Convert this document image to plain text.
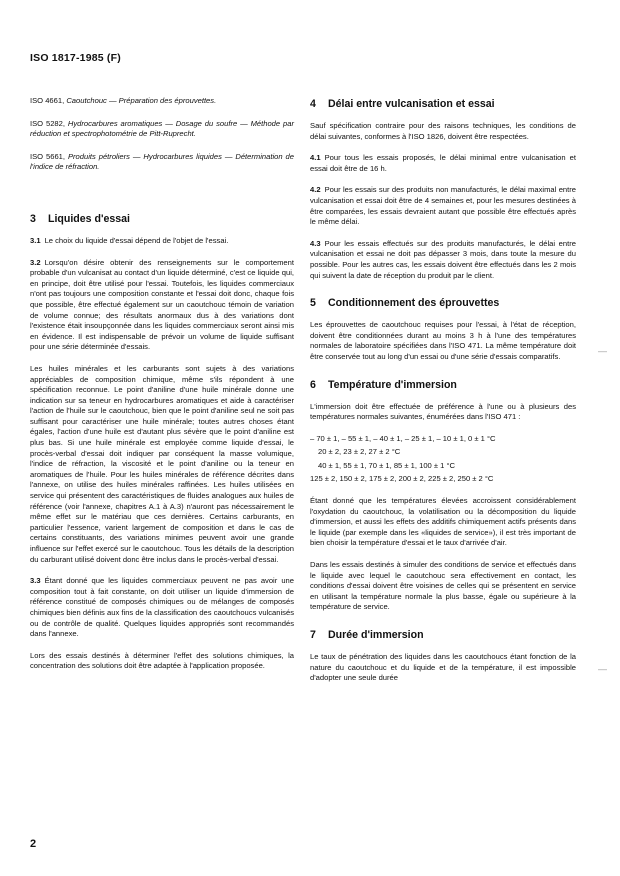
ISO 1817-1985 (F)
ISO 4661, Caoutchouc — Préparation des éprouvettes.
ISO 5282, Hydrocarbures aromatiques — Dosage du soufre — Méthode par réduction et spectrophotométrie de Pitt-Ruprecht.
ISO 5661, Produits pétroliers — Hydrocarbures liquides — Détermination de l'indice de réfraction.
3 Liquides d'essai

3.1 Le choix du liquide d'essai dépend de l'objet de l'essai.

3.2 Lorsqu'on désire obtenir des renseignements sur le comportement probable d'un vulcanisat au contact d'un liquide déterminé, c'est ce liquide qui, en principe, doit être utilisé pour l'essai. Toutefois, les liquides commerciaux n'ont pas toujours une composition constante et l'essai doit donc, chaque fois que possible, être effectué également sur un caoutchouc témoin de variation de volume connue; des résultats anormaux dus à des variations dont l'existence était insoupçonnée dans les liquides commerciaux seront ainsi mis en évidence. Il est indispensable de prévoir un volume de liquide suffisant pour une série déterminée d'essais.

Les huiles minérales et les carburants sont sujets à des variations appréciables de composition chimique, même s'ils répondent à une spécification reconnue. Le point d'aniline d'une huile minérale donne une indication sur sa teneur en hydrocarbures aromatiques et aide à caractériser l'action de l'huile sur le caoutchouc, bien que le point d'aniline seul ne soit pas suffisant pour caractériser une huile minérale; toutes autres choses étant égales, l'action d'une huile est d'autant plus sévère que le point d'aniline est plus bas. Si une huile minérale est employée comme liquide d'essai, le procès-verbal d'essai doit indiquer par conséquent la masse volumique, l'indice de réfraction, la viscosité et le point d'aniline ou la teneur en aromatiques de l'huile. Pour les huiles minérales de référence décrites dans l'annexe, on utilise des huiles minérales raffinées. Les huiles utilisées en service qui présentent des caractéristiques de fluides analogues aux huiles de référence (voir l'annexe, chapitres A.1 à A.3) n'auront pas nécessairement le même effet sur le matériau que ces dernières. Certains carburants, en particulier l'essence, varient largement de composition et dans le cas de certains constituants, des variations minimes peuvent avoir une grande influence sur l'effet exercé sur le caoutchouc. Tous les détails de la description du carburant utilisé doivent donc être inclus dans le procès-verbal d'essai.

3.3 Étant donné que les liquides commerciaux peuvent ne pas avoir une composition tout à fait constante, on doit utiliser un liquide d'immersion de référence constitué de composés chimiques ou de mélanges de composés chimiques bien définis aux fins de la classification des caoutchoucs vulcanisés ou de contrôle de qualité. Quelques liquides appropriés sont recommandés dans l'annexe.

Lors des essais destinés à déterminer l'effet des solutions chimiques, la concentration des solutions doit être adaptée à l'application proposée.

4 Délai entre vulcanisation et essai

Sauf spécification contraire pour des raisons techniques, les conditions de délai suivantes, conformes à l'ISO 1826, doivent être respectées.

4.1 Pour tous les essais proposés, le délai minimal entre vulcanisation et essai doit être de 16 h.

4.2 Pour les essais sur des produits non manufacturés, le délai maximal entre vulcanisation et essai doit être de 4 semaines et, pour les mesures destinées à être comparées, les essais devraient autant que possible être effectués après le même délai.

4.3 Pour les essais effectués sur des produits manufacturés, le délai entre vulcanisation et essai ne doit pas dépasser 3 mois, dans toute la mesure du possible. Pour les autres cas, les essais doivent être effectués dans les 2 mois qui suivent la date de réception du produit par le client.

5 Conditionnement des éprouvettes

Les éprouvettes de caoutchouc requises pour l'essai, à l'état de réception, doivent être conditionnées durant au moins 3 h à l'une des températures normales de laboratoire spécifiées dans l'ISO 471. La même température doit être conservée tout au long d'un essai ou d'une série d'essais comparatifs.

6 Température d'immersion

L'immersion doit être effectuée de préférence à l'une ou à plusieurs des températures normales suivantes, énumérées dans l'ISO 471 :

– 70 ± 1, – 55 ± 1, – 40 ± 1, – 25 ± 1, – 10 ± 1, 0 ± 1 °C
20 ± 2, 23 ± 2, 27 ± 2 °C
40 ± 1, 55 ± 1, 70 ± 1, 85 ± 1, 100 ± 1 °C
125 ± 2, 150 ± 2, 175 ± 2, 200 ± 2, 225 ± 2, 250 ± 2 °C

Étant donné que les températures élevées accroissent considérablement l'oxydation du caoutchouc, la volatilisation ou la décomposition du liquide d'immersion, et aussi les effets des additifs chimiquement actifs présents dans le liquide (par exemple dans les «liquides de service»), il est très important de bien choisir la température d'essai et le taux d'arrivée d'air.

Dans les essais destinés à simuler des conditions de service et effectués dans le liquide avec lequel le caoutchouc sera effectivement en contact, les conditions d'essai doivent être voisines de celles qui se présentent en service en utilisant la température normale la plus basse, égale ou supérieure à la température de service.

7 Durée d'immersion

Le taux de pénétration des liquides dans les caoutchoucs étant fonction de la nature du caoutchouc et du liquide et de la température, il est impossible d'adopter une seule durée

2
—
—
